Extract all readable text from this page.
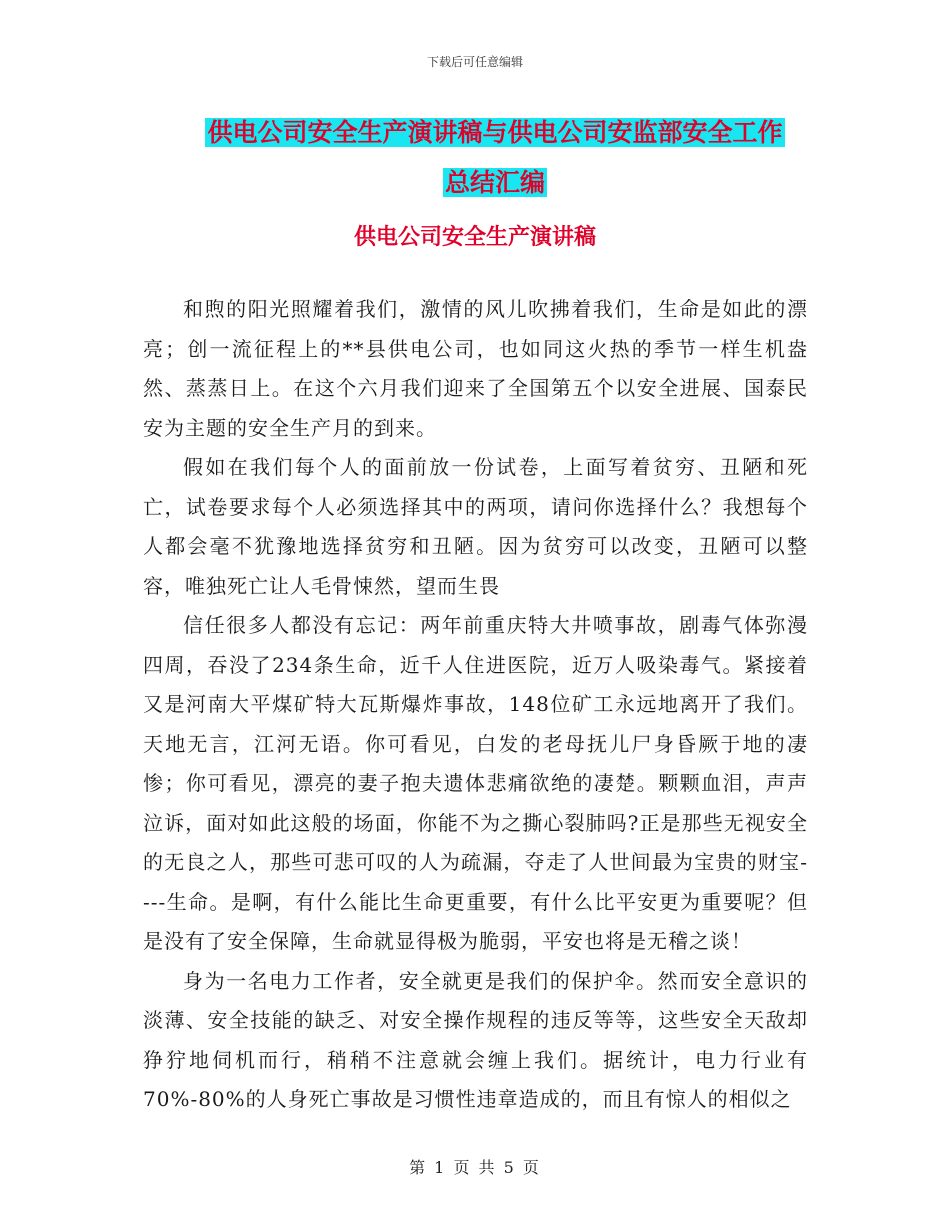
下载后可任意编辑
供电公司安全生产演讲稿与供电公司安监部安全工作
总结汇编
供电公司安全生产演讲稿

和煦的阳光照耀着我们，激情的风儿吹拂着我们，生命是如此的漂亮；创一流征程上的**县供电公司，也如同这火热的季节一样生机盎然、蒸蒸日上。在这个六月我们迎来了全国第五个以安全进展、国泰民安为主题的安全生产月的到来。

假如在我们每个人的面前放一份试卷，上面写着贫穷、丑陋和死亡，试卷要求每个人必须选择其中的两项，请问你选择什么？我想每个人都会毫不犹豫地选择贫穷和丑陋。因为贫穷可以改变，丑陋可以整容，唯独死亡让人毛骨悚然，望而生畏

信任很多人都没有忘记：两年前重庆特大井喷事故，剧毒气体弥漫四周，吞没了234条生命，近千人住进医院，近万人吸染毒气。紧接着又是河南大平煤矿特大瓦斯爆炸事故，148位矿工永远地离开了我们。天地无言，江河无语。你可看见，白发的老母抚儿尸身昏厥于地的凄惨；你可看见，漂亮的妻子抱夫遗体悲痛欲绝的凄楚。颗颗血泪，声声泣诉，面对如此这般的场面，你能不为之撕心裂肺吗?正是那些无视安全的无良之人，那些可悲可叹的人为疏漏，夺走了人世间最为宝贵的财宝----生命。是啊，有什么能比生命更重要，有什么比平安更为重要呢？但是没有了安全保障，生命就显得极为脆弱，平安也将是无稽之谈！

身为一名电力工作者，安全就更是我们的保护伞。然而安全意识的淡薄、安全技能的缺乏、对安全操作规程的违反等等，这些安全天敌却狰狞地伺机而行，稍稍不注意就会缠上我们。据统计，电力行业有70%-80%的人身死亡事故是习惯性违章造成的，而且有惊人的相似之

第 1 页 共 5 页
